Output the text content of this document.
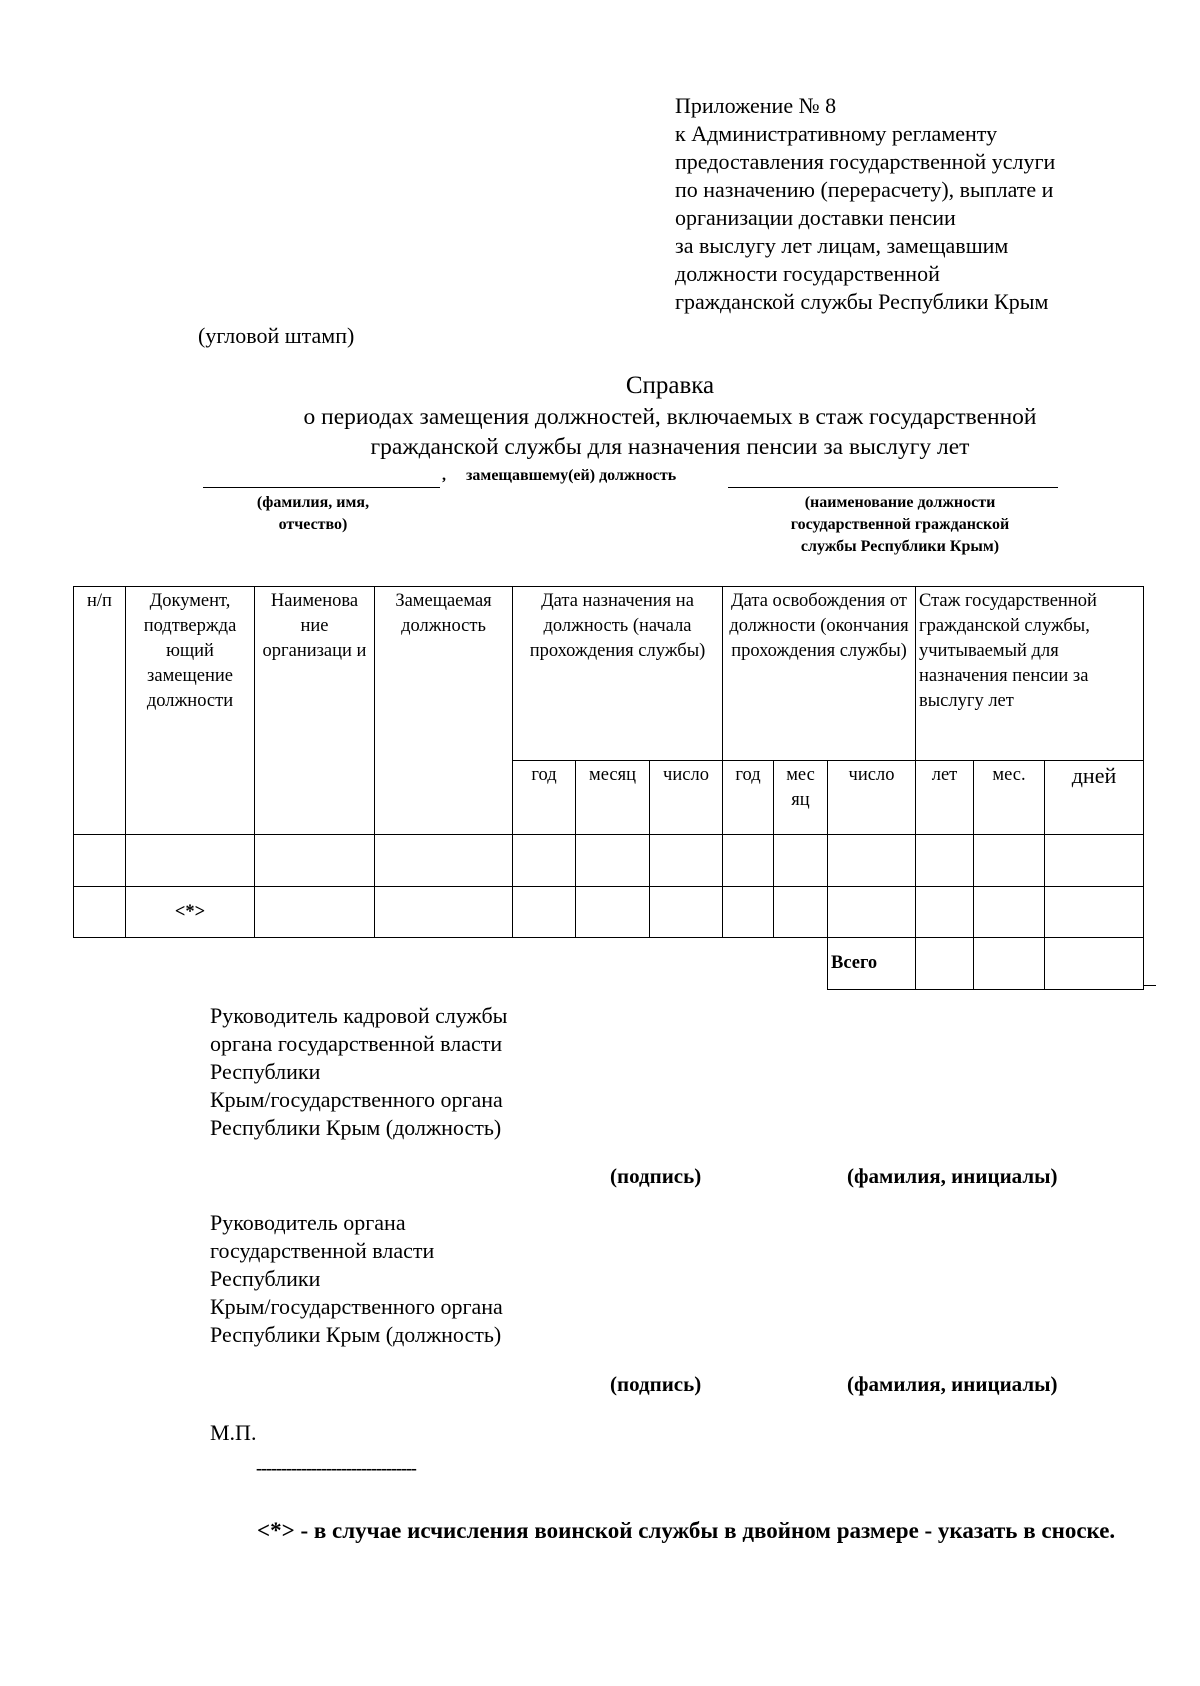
Приложение № 8
к Административному регламенту
предоставления государственной услуги
по назначению (перерасчету), выплате и
организации доставки пенсии
за выслугу лет лицам, замещавшим
должности государственной
гражданской службы Республики Крым
(угловой штамп)
Справка
о периодах замещения должностей, включаемых в стаж государственной
гражданской службы для назначения пенсии за выслугу лет
, замещавшему(ей) должность
(фамилия, имя,
отчество)
(наименование должности
государственной гражданской
службы Республики Крым)
н/п	Документ, подтвержда ющий замещение должности	Наименова ние организаци и	Замещаемая должность	Дата назначения на должность (начала прохождения службы)			Дата освобождения от должности (окончания прохождения службы)			Стаж государственной гражданской службы, учитываемый для назначения пенсии за выслугу лет		
				год	месяц	число	год	мес яц	число	лет	мес.	дней

	<*>											
									Всего			
Руководитель кадровой службы
органа государственной власти
Республики
Крым/государственного органа
Республики Крым (должность)
(подпись)	(фамилия, инициалы)
Руководитель органа
государственной власти
Республики
Крым/государственного органа
Республики Крым (должность)
(подпись)	(фамилия, инициалы)
М.П.
--------------------------------
<*> - в случае исчисления воинской службы в двойном размере - указать в сноске.
